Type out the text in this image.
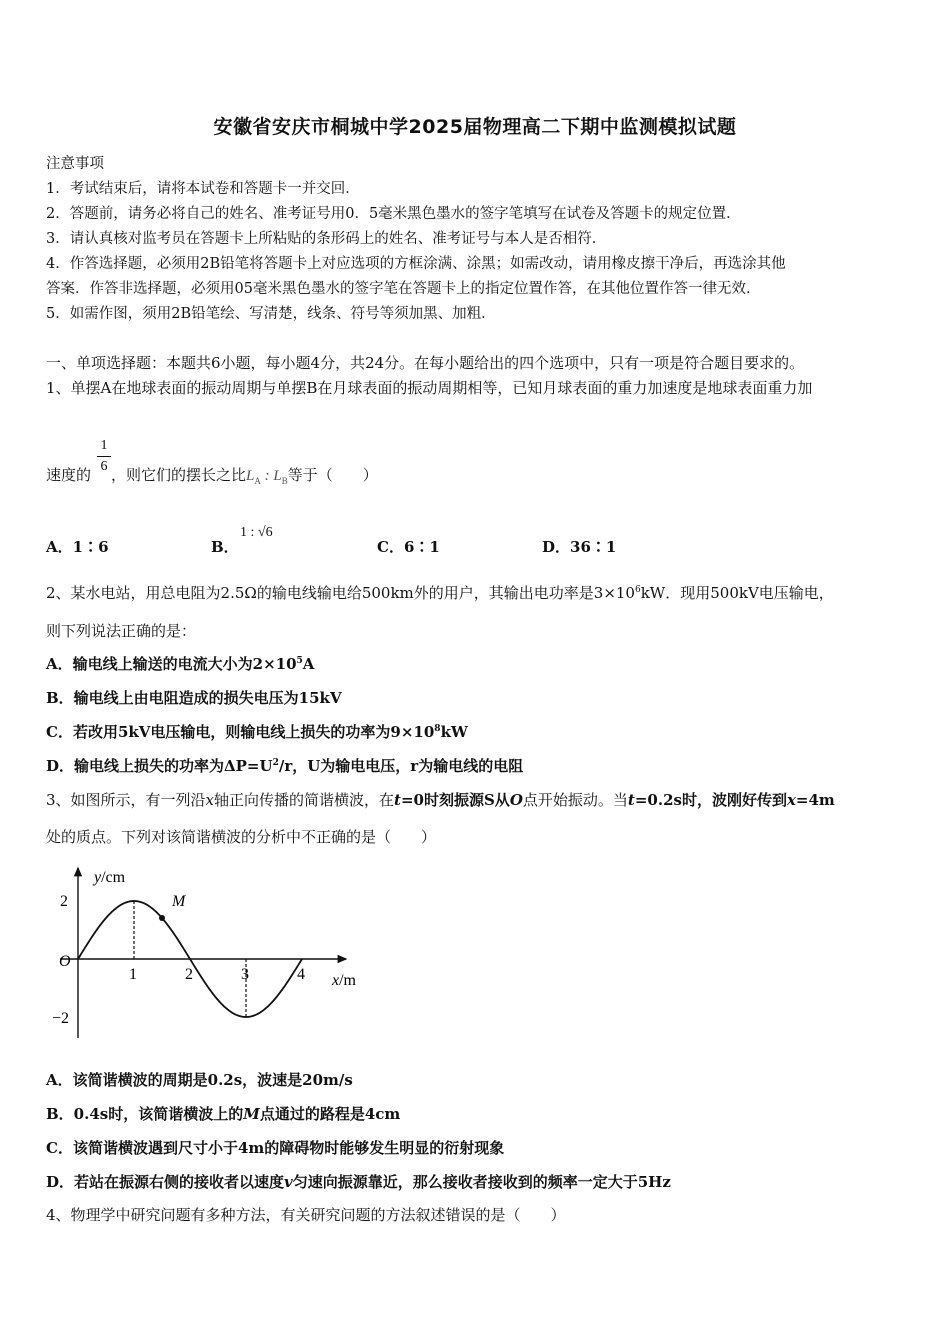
安徽省安庆市桐城中学2025届物理高二下期中监测模拟试题
注意事项
1．考试结束后，请将本试卷和答题卡一并交回．
2．答题前，请务必将自己的姓名、准考证号用0．5毫米黑色墨水的签字笔填写在试卷及答题卡的规定位置．
3．请认真核对监考员在答题卡上所粘贴的条形码上的姓名、准考证号与本人是否相符．
4．作答选择题，必须用2B铅笔将答题卡上对应选项的方框涂满、涂黑；如需改动，请用橡皮擦干净后，再选涂其他
答案．作答非选择题，必须用05毫米黑色墨水的签字笔在答题卡上的指定位置作答，在其他位置作答一律无效．
5．如需作图，须用2B铅笔绘、写清楚，线条、符号等须加黑、加粗．
一、单项选择题：本题共6小题，每小题4分，共24分。在每小题给出的四个选项中，只有一项是符合题目要求的。
1、单摆A在地球表面的振动周期与单摆B在月球表面的振动周期相等，已知月球表面的重力加速度是地球表面重力加
1
6
速度的 ，则它们的摆长之比$L_A$ : $L_B$等于（　　）
A．1∶6	B．
1 : √6
C．6∶1	D．36∶1
2、某水电站，用总电阻为2.5Ω的输电线输电给500km外的用户，其输出电功率是$3\times 10^6kW$．现用500kV电压输电，
则下列说法正确的是：
A．输电线上输送的电流大小为$2\times 10^5A$
B．输电线上由电阻造成的损失电压为15kV
C．若改用5kV电压输电，则输电线上损失的功率为$9\times 10^8kW$
D．输电线上损失的功率为$\Delta P=U^2/r$，U为输电电压，r为输电线的电阻
3、如图所示，有一列沿x轴正向传播的简谐横波，在t=0时刻振源S从O点开始振动。当t=0.2s时，波刚好传到x=4m
处的质点。下列对该简谐横波的分析中不正确的是（　　）
y/cm
x/m
O
1	2	3	4
2
−2
M
A．该简谐横波的周期是0.2s，波速是20m/s
B．0.4s时，该简谐横波上的M点通过的路程是4cm
C．该简谐横波遇到尺寸小于4m的障碍物时能够发生明显的衍射现象
D．若站在振源右侧的接收者以速度v匀速向振源靠近，那么接收者接收到的频率一定大于5Hz
4、物理学中研究问题有多种方法，有关研究问题的方法叙述错误的是（　　）
